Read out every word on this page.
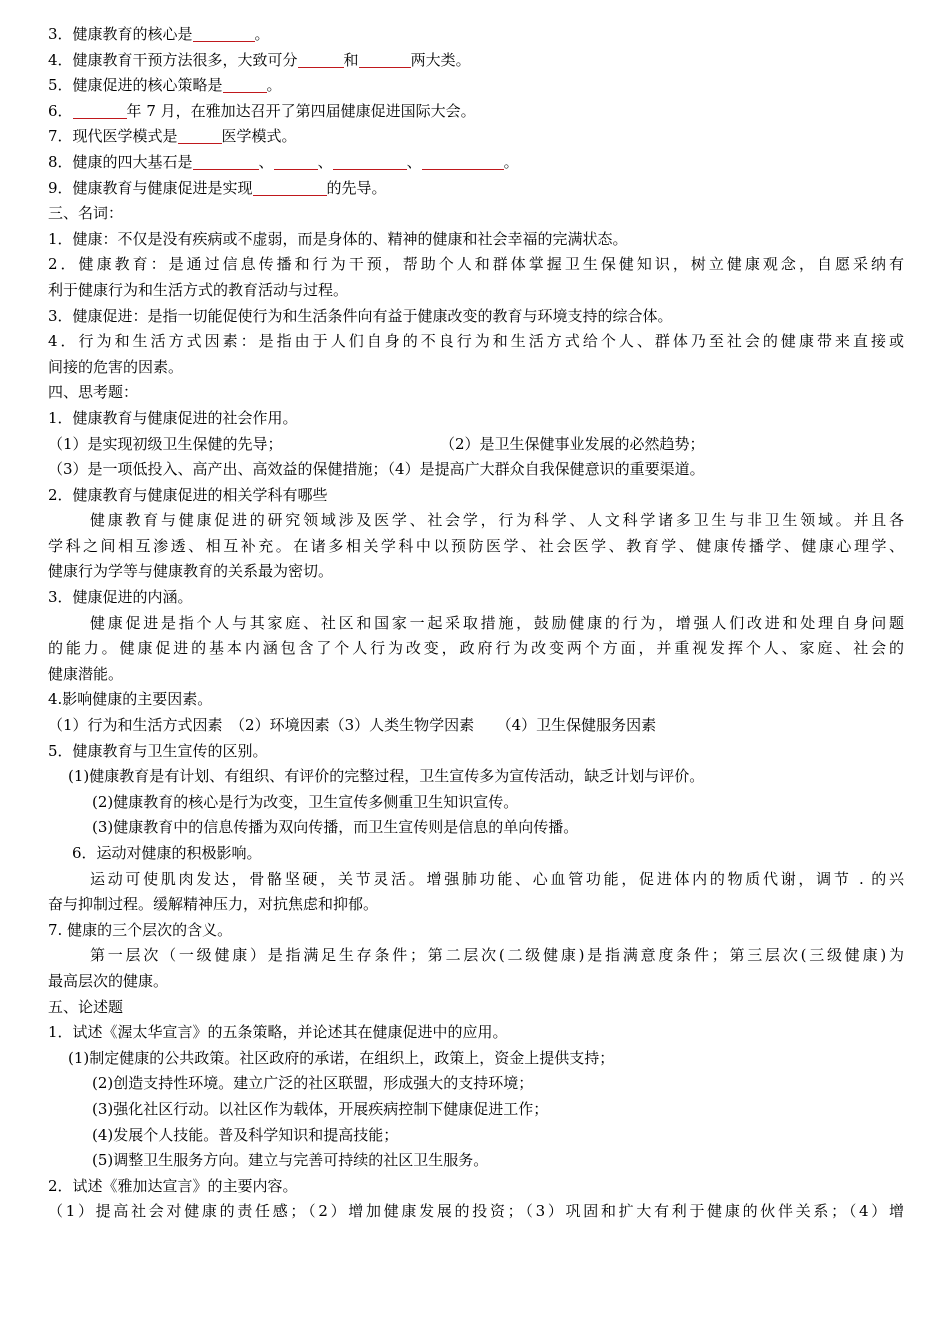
3．健康教育的核心是	。
4．健康教育干预方法很多，大致可分	和	两大类。
5．健康促进的核心策略是	。
6．	年 7 月，在雅加达召开了第四届健康促进国际大会。
7．现代医学模式是	医学模式。
8．健康的四大基石是	、	、	、	。
9．健康教育与健康促进是实现	的先导。
三、名词：
1．健康：不仅是没有疾病或不虚弱，而是身体的、精神的健康和社会幸福的完满状态。
2．健康教育：是通过信息传播和行为干预，帮助个人和群体掌握卫生保健知识，树立健康观念，自愿采纳有
利于健康行为和生活方式的教育活动与过程。
3．健康促进：是指一切能促使行为和生活条件向有益于健康改变的教育与环境支持的综合体。
4．行为和生活方式因素：是指由于人们自身的不良行为和生活方式给个人、群体乃至社会的健康带来直接或
间接的危害的因素。
四、思考题：
1．健康教育与健康促进的社会作用。
（1）是实现初级卫生保健的先导；	（2）是卫生保健事业发展的必然趋势；
（3）是一项低投入、高产出、高效益的保健措施；（4）是提高广大群众自我保健意识的重要渠道。
2．健康教育与健康促进的相关学科有哪些
健康教育与健康促进的研究领域涉及医学、社会学，行为科学、人文科学诸多卫生与非卫生领域。并且各
学科之间相互渗透、相互补充。在诸多相关学科中以预防医学、社会医学、教育学、健康传播学、健康心理学、
健康行为学等与健康教育的关系最为密切。
3．健康促进的内涵。
健康促进是指个人与其家庭、社区和国家一起采取措施，鼓励健康的行为，增强人们改进和处理自身问题
的能力。健康促进的基本内涵包含了个人行为改变，政府行为改变两个方面，并重视发挥个人、家庭、社会的
健康潜能。
4.影响健康的主要因素。
（1）行为和生活方式因素　（2）环境因素（3）人类生物学因素　　（4）卫生保健服务因素
5．健康教育与卫生宣传的区别。
(1)健康教育是有计划、有组织、有评价的完整过程，卫生宣传多为宣传活动，缺乏计划与评价。
(2)健康教育的核心是行为改变，卫生宣传多侧重卫生知识宣传。
(3)健康教育中的信息传播为双向传播，而卫生宣传则是信息的单向传播。
6．运动对健康的积极影响。
运动可使肌肉发达，骨骼坚硬，关节灵活。增强肺功能、心血管功能，促进体内的物质代谢，调节 . 的兴
奋与抑制过程。缓解精神压力，对抗焦虑和抑郁。
7. 健康的三个层次的含义。
第一层次（一级健康）是指满足生存条件；第二层次(二级健康)是指满意度条件；第三层次(三级健康)为
最高层次的健康。
五、论述题
1．试述《渥太华宣言》的五条策略，并论述其在健康促进中的应用。
(1)制定健康的公共政策。社区政府的承诺，在组织上，政策上，资金上提供支持；
(2)创造支持性环境。建立广泛的社区联盟，形成强大的支持环境；
(3)强化社区行动。以社区作为载体，开展疾病控制下健康促进工作；
(4)发展个人技能。普及科学知识和提高技能；
(5)调整卫生服务方向。建立与完善可持续的社区卫生服务。
2．试述《雅加达宣言》的主要内容。
（1）提高社会对健康的责任感；（2）增加健康发展的投资；（3）巩固和扩大有利于健康的伙伴关系；（4）增
